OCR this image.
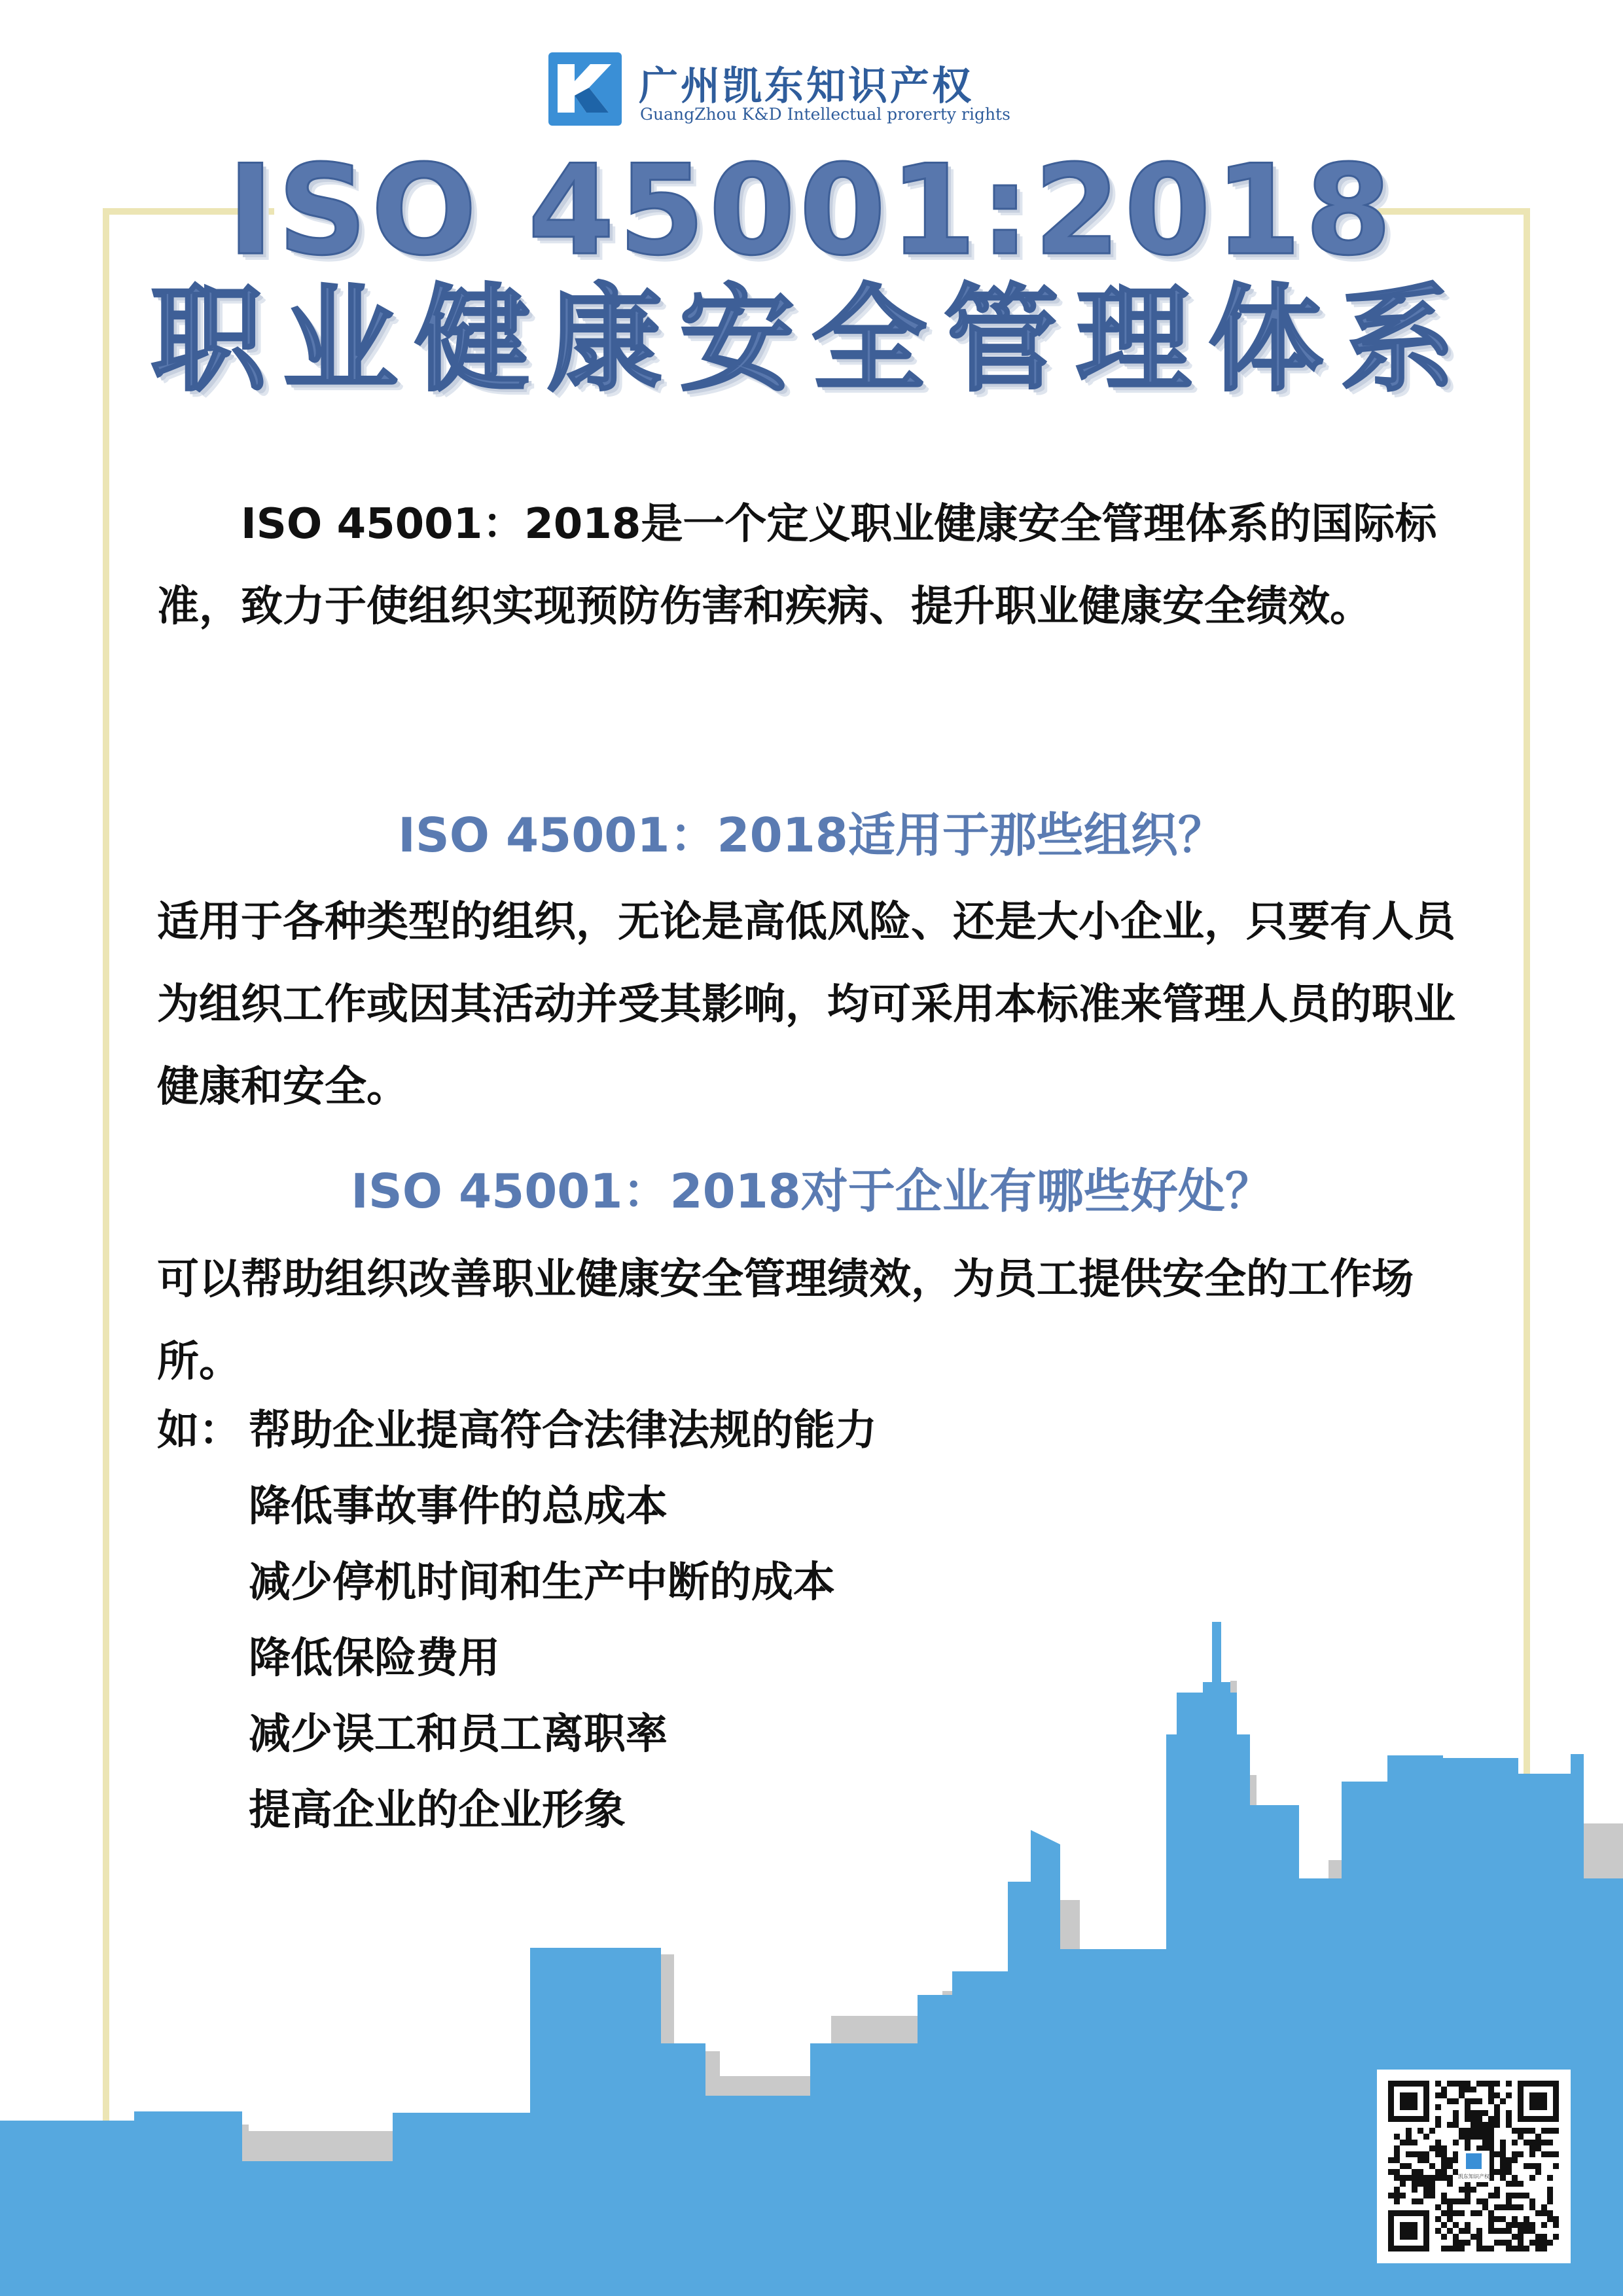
广州凯东知识产权
GuangZhou K&D Intellectual prorerty rights
ISO 45001:2018
职业健康安全管理体系
　　ISO 45001：2018是一个定义职业健康安全管理体系的国际标准，致力于使组织实现预防伤害和疾病、提升职业健康安全绩效。
ISO 45001：2018适用于那些组织？
适用于各种类型的组织，无论是高低风险、还是大小企业，只要有人员为组织工作或因其活动并受其影响，均可采用本标准来管理人员的职业健康和安全。
ISO 45001：2018对于企业有哪些好处？
可以帮助组织改善职业健康安全管理绩效，为员工提供安全的工作场所。
如： 帮助企业提高符合法律法规的能力
降低事故事件的总成本
减少停机时间和生产中断的成本
降低保险费用
减少误工和员工离职率
提高企业的企业形象
凯东知识产权
